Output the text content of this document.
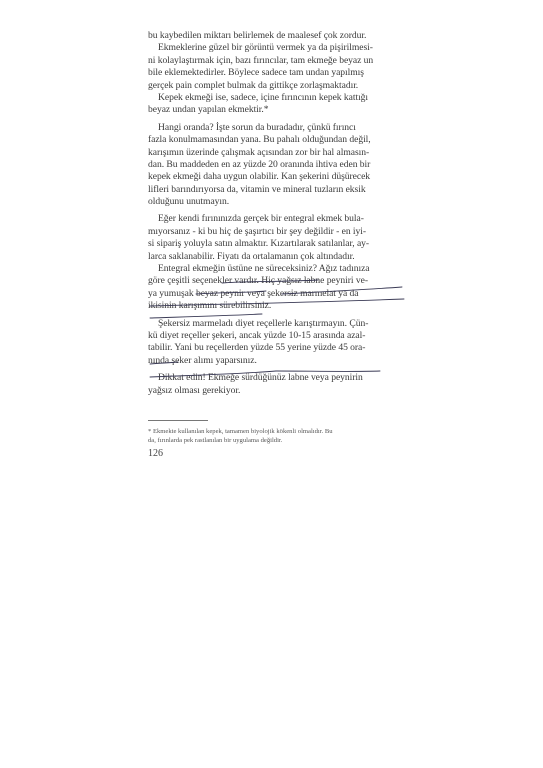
bu kaybedilen miktarı belirlemek de maalesef çok zordur.
Ekmeklerine güzel bir görüntü vermek ya da pişirilmesi-
ni kolaylaştırmak için, bazı fırıncılar, tam ekmeğe beyaz un
bile eklemektedirler. Böylece sadece tam undan yapılmış
gerçek pain complet bulmak da gittikçe zorlaşmaktadır.
Kepek ekmeği ise, sadece, içine fırıncının kepek kattığı
beyaz undan yapılan ekmektir.*
Hangi oranda? İşte sorun da buradadır, çünkü fırıncı
fazla konulmamasından yana. Bu pahalı olduğundan değil,
karışımın üzerinde çalışmak açısından zor bir hal almasın-
dan. Bu maddeden en az yüzde 20 oranında ihtiva eden bir
kepek ekmeği daha uygun olabilir. Kan şekerini düşürecek
lifleri barındırıyorsa da, vitamin ve mineral tuzların eksik
olduğunu unutmayın.
Eğer kendi fırınınızda gerçek bir entegral ekmek bula-
mıyorsanız - ki bu hiç de şaşırtıcı bir şey değildir - en iyi-
si sipariş yoluyla satın almaktır. Kızartılarak satılanlar, ay-
larca saklanabilir. Fiyatı da ortalamanın çok altındadır.
Entegral ekmeğin üstüne ne süreceksiniz? Ağız tadınıza
göre çeşitli seçenekler vardır. Hiç yağsız labne peyniri ve-
ya yumuşak beyaz peynir veya şekersiz marmelat ya da
ikisinin karışımını sürebilirsiniz.
Şekersiz marmeladı diyet reçellerle karıştırmayın. Çün-
kü diyet reçeller şekeri, ancak yüzde 10-15 arasında azal-
tabilir. Yani bu reçellerden yüzde 55 yerine yüzde 45 ora-
nında şeker alımı yaparsınız.
Dikkat edin! Ekmeğe sürdüğünüz labne veya peynirin
yağsız olması gerekiyor.
* Ekmekte kullanılan kepek, tamamen biyolojik kökenli olmalıdır. Bu
da, fırınlarda pek rastlanılan bir uygulama değildir.
126
